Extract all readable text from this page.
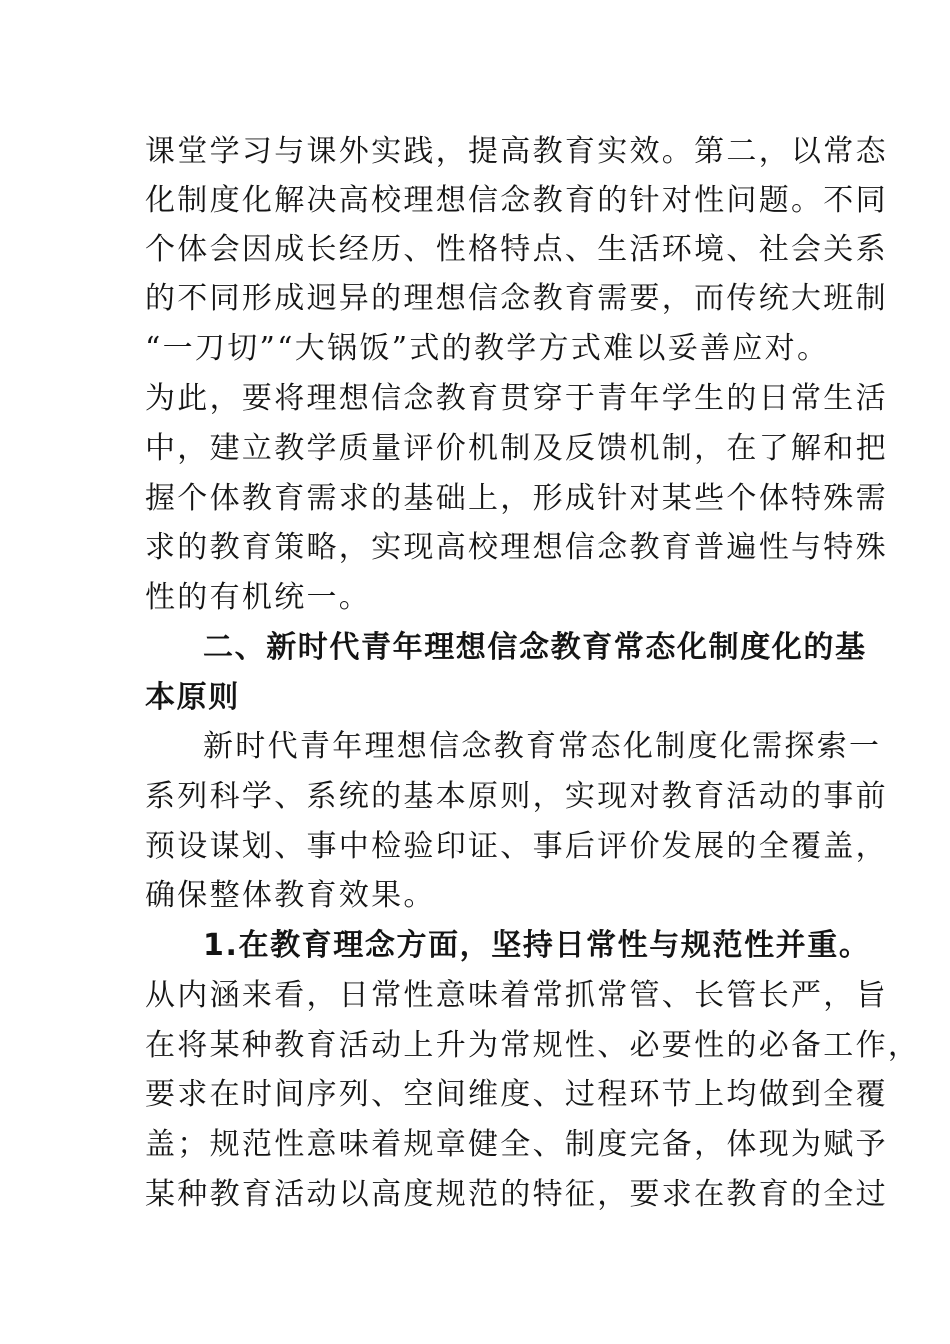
课堂学习与课外实践，提高教育实效。第二，以常态
化制度化解决高校理想信念教育的针对性问题。不同
个体会因成长经历、性格特点、生活环境、社会关系
的不同形成迥异的理想信念教育需要，而传统大班制
“一刀切”“大锅饭”式的教学方式难以妥善应对。
为此，要将理想信念教育贯穿于青年学生的日常生活
中，建立教学质量评价机制及反馈机制，在了解和把
握个体教育需求的基础上，形成针对某些个体特殊需
求的教育策略，实现高校理想信念教育普遍性与特殊
性的有机统一。
二、新时代青年理想信念教育常态化制度化的基
本原则
新时代青年理想信念教育常态化制度化需探索一
系列科学、系统的基本原则，实现对教育活动的事前
预设谋划、事中检验印证、事后评价发展的全覆盖，
确保整体教育效果。
1.在教育理念方面，坚持日常性与规范性并重。
从内涵来看，日常性意味着常抓常管、长管长严，旨
在将某种教育活动上升为常规性、必要性的必备工作，
要求在时间序列、空间维度、过程环节上均做到全覆
盖；规范性意味着规章健全、制度完备，体现为赋予
某种教育活动以高度规范的特征，要求在教育的全过
